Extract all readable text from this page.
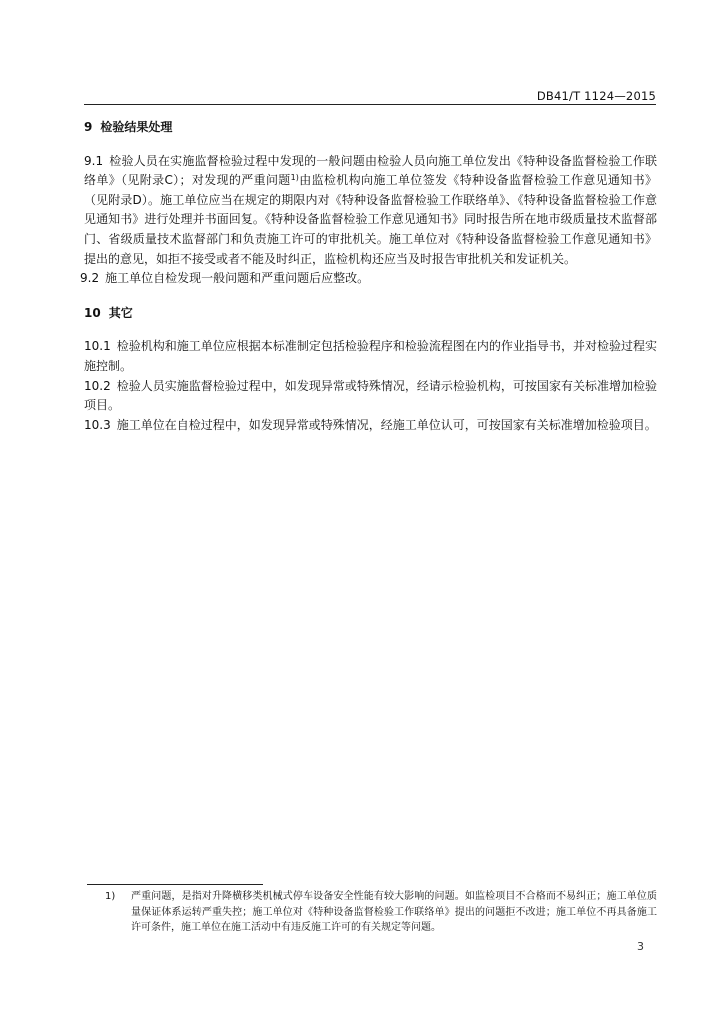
DB41/T 1124—2015

9 检验结果处理

9.1 检验人员在实施监督检验过程中发现的一般问题由检验人员向施工单位发出《特种设备监督检验工作联络单》（见附录C）；对发现的严重问题$^{1)}$由监检机构向施工单位签发《特种设备监督检验工作意见通知书》（见附录D）。施工单位应当在规定的期限内对《特种设备监督检验工作联络单》、《特种设备监督检验工作意见通知书》进行处理并书面回复。《特种设备监督检验工作意见通知书》同时报告所在地市级质量技术监督部门、省级质量技术监督部门和负责施工许可的审批机关。施工单位对《特种设备监督检验工作意见通知书》提出的意见，如拒不接受或者不能及时纠正，监检机构还应当及时报告审批机关和发证机关。

9.2 施工单位自检发现一般问题和严重问题后应整改。

10 其它

10.1 检验机构和施工单位应根据本标准制定包括检验程序和检验流程图在内的作业指导书，并对检验过程实施控制。

10.2 检验人员实施监督检验过程中，如发现异常或特殊情况，经请示检验机构，可按国家有关标准增加检验项目。

10.3 施工单位在自检过程中，如发现异常或特殊情况，经施工单位认可，可按国家有关标准增加检验项目。

1)	严重问题，是指对升降横移类机械式停车设备安全性能有较大影响的问题。如监检项目不合格而不易纠正；施工单位质量保证体系运转严重失控；施工单位对《特种设备监督检验工作联络单》提出的问题拒不改进；施工单位不再具备施工许可条件，施工单位在施工活动中有违反施工许可的有关规定等问题。
3
